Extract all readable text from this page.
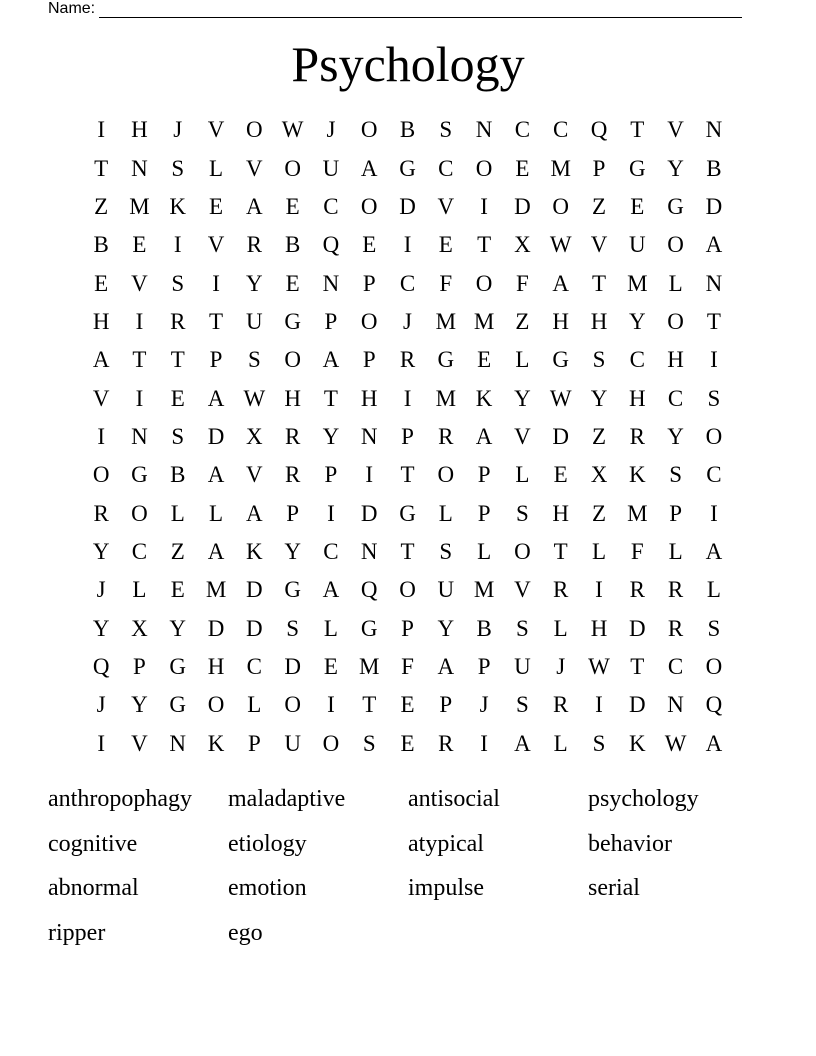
Name:
Psychology
I	H	J	V O W J	O B	S	N C C Q T V N
T N	S	L V O U A G C O E M P	G Y B
Z M K E A E	C O D V	I	D O Z	E G D
B	E	I	V R B Q E	I	E	T X W V U O A
E V	S	I	Y E N	P	C	F	O	F	A T M L N
H	I	R	T U G	P	O	J	M M Z H H Y O T
A T	T	P	S	O A	P	R G E	L G	S	C H	I
V	I	E A W H T H	I	M K Y W Y H C	S
I	N	S	D X R Y N	P	R A V D Z	R Y O
O G B A V R	P	I	T O	P	L	E X K	S	C
R O L	L A	P	I	D G L	P	S	H Z M P	I
Y C	Z A K Y C N T	S	L O T	L	F	L A
J	L	E M D G A Q O U M V R	I	R R	L
Y X Y D D	S	L G	P	Y B	S	L H D R	S
Q	P	G H C D E M F	A	P	U	J W T	C O
J	Y G O L O	I	T	E	P	J	S	R	I	D N Q
I	V N K	P	U O	S	E	R	I	A L	S	K W A
anthropophagy	maladaptive	antisocial	psychology
cognitive	etiology	atypical	behavior
abnormal	emotion	impulse	serial
ripper	ego
